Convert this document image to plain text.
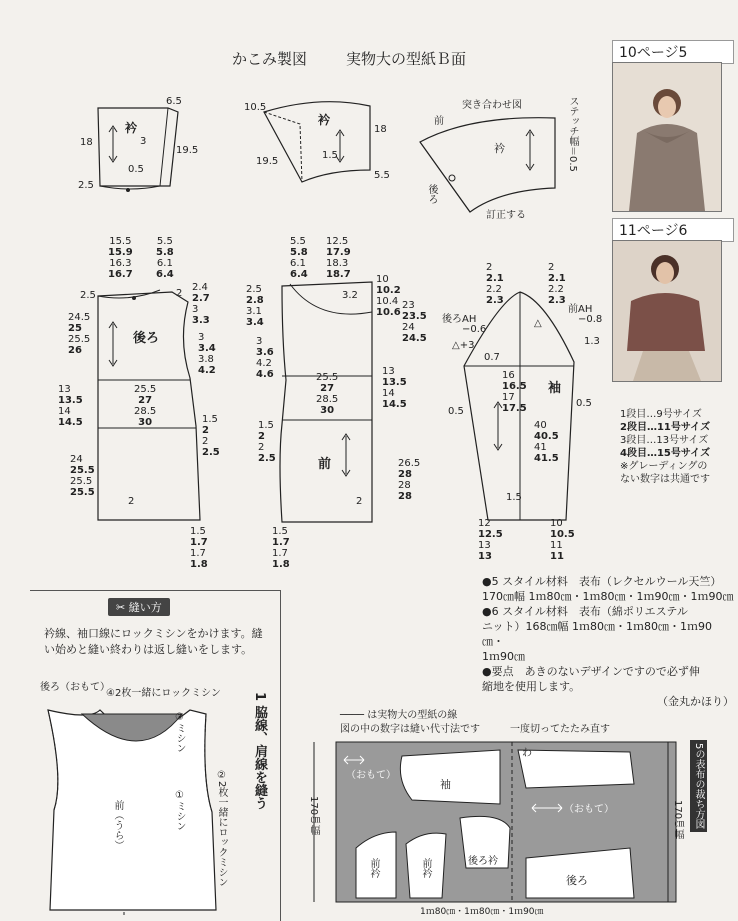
かこみ製図	実物大の型紙Ｂ面	10ページ5
11ページ6
1段目…9号サイズ
2段目…11号サイズ
3段目…13号サイズ
4段目…15号サイズ
※グレーディングの
ない数字は共通です
衿
6.5
18	3
19.5
0.5
2.5
衿
10.5
18
1.5
19.5
5.5
突き合わせ図
前
衿
訂正する
後ろ
前
袖
15.5
15.9
16.3
16.7
5.5
5.8
6.1
6.4
2.4
2.7
3
3.3
3
3.4
3.8
4.2
24.5
25
25.5
26
13
13.5
14
14.5
25.5
27
28.5
30	1.5
2
2
2.5
24
25.5
25.5
25.5
2.5	2
2
1.5
1.7
1.7
1.8
5.5
5.8
6.1
6.4
12.5
17.9
18.3
18.7
2.5
2.8
3.1
3.4
10
10.2
10.4
10.6
3.2
3
3.6
4.2
4.6
23
23.5
24
24.5
25.5
27
28.5
30
13
13.5
14
14.5
1.5
2
2
2.5	26.5
28
28
28
2
1.5
1.7
1.7
1.8
2
2.1
2.2
2.3
2
2.1
2.2
2.3
後ろAH
前AH
−0.6
−0.8
△+3
△
0.7
1.3
16
16.5
17
17.5
40
40.5
41
41.5
0.5
0.5
1.5
12
12.5
13
13
10
10.5
11
11
ステッチ幅＝0.5
後ろ
●5 スタイル材料　表布（レクセルウール天竺）
170㎝幅 1ｍ80㎝・1ｍ80㎝・1ｍ90㎝・1ｍ90㎝
●6 スタイル材料　表布（綿ポリエステル
ニット）168㎝幅 1ｍ80㎝・1ｍ80㎝・1ｍ90㎝・
1ｍ90㎝
●要点　あきのないデザインですので必ず伸
縮地を使用します。
（金丸かほり）
✂ 縫い方
衿線、袖口線にロックミシンをかけます。縫
い始めと縫い終わりは返し縫いをします。
後ろ（おもて）
④2枚一緒にロックミシン
③ミシン
②2枚一緒にロックミシン
①ミシン
前（うら）
1 脇線、肩線を縫う	──── は実物大の型紙の線
図の中の数字は縫い代寸法です	一度切ってたたみ直す
（おもて）
（おもて）
袖
後ろ衿
前衿	前衿
後ろ
わ 2
2.5
170㎝幅	170㎝幅	5の表布の裁ち方図
1ｍ80㎝・1ｍ80㎝・1ｍ90㎝
